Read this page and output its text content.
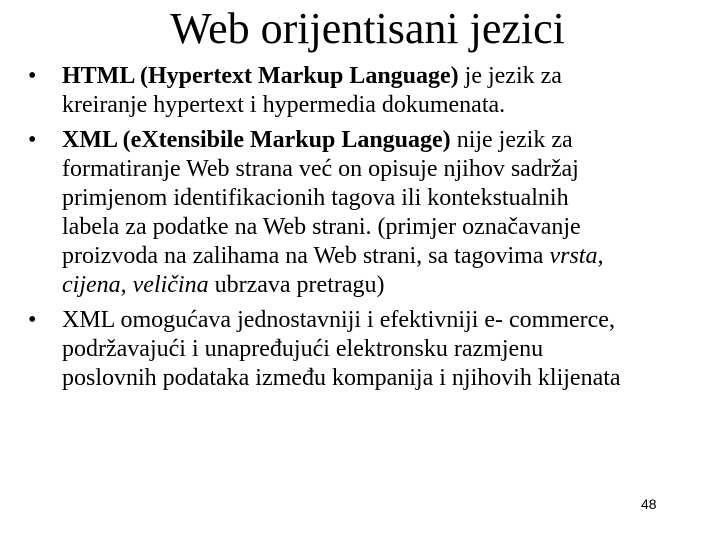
Web orijentisani jezici
•	HTML (Hypertext Markup Language) je jezik za
kreiranje hypertext i hypermedia dokumenata.
•	XML (eXtensibile Markup Language) nije jezik za
formatiranje Web strana već on opisuje njihov sadržaj
primjenom identifikacionih tagova ili kontekstualnih
labela za podatke na Web strani. (primjer označavanje
proizvoda na zalihama na Web strani, sa tagovima vrsta,
cijena, veličina ubrzava pretragu)
•	XML omogućava jednostavniji i efektivniji e- commerce,
podržavajući i unapređujući elektronsku razmjenu
poslovnih podataka između kompanija i njihovih klijenata
48
